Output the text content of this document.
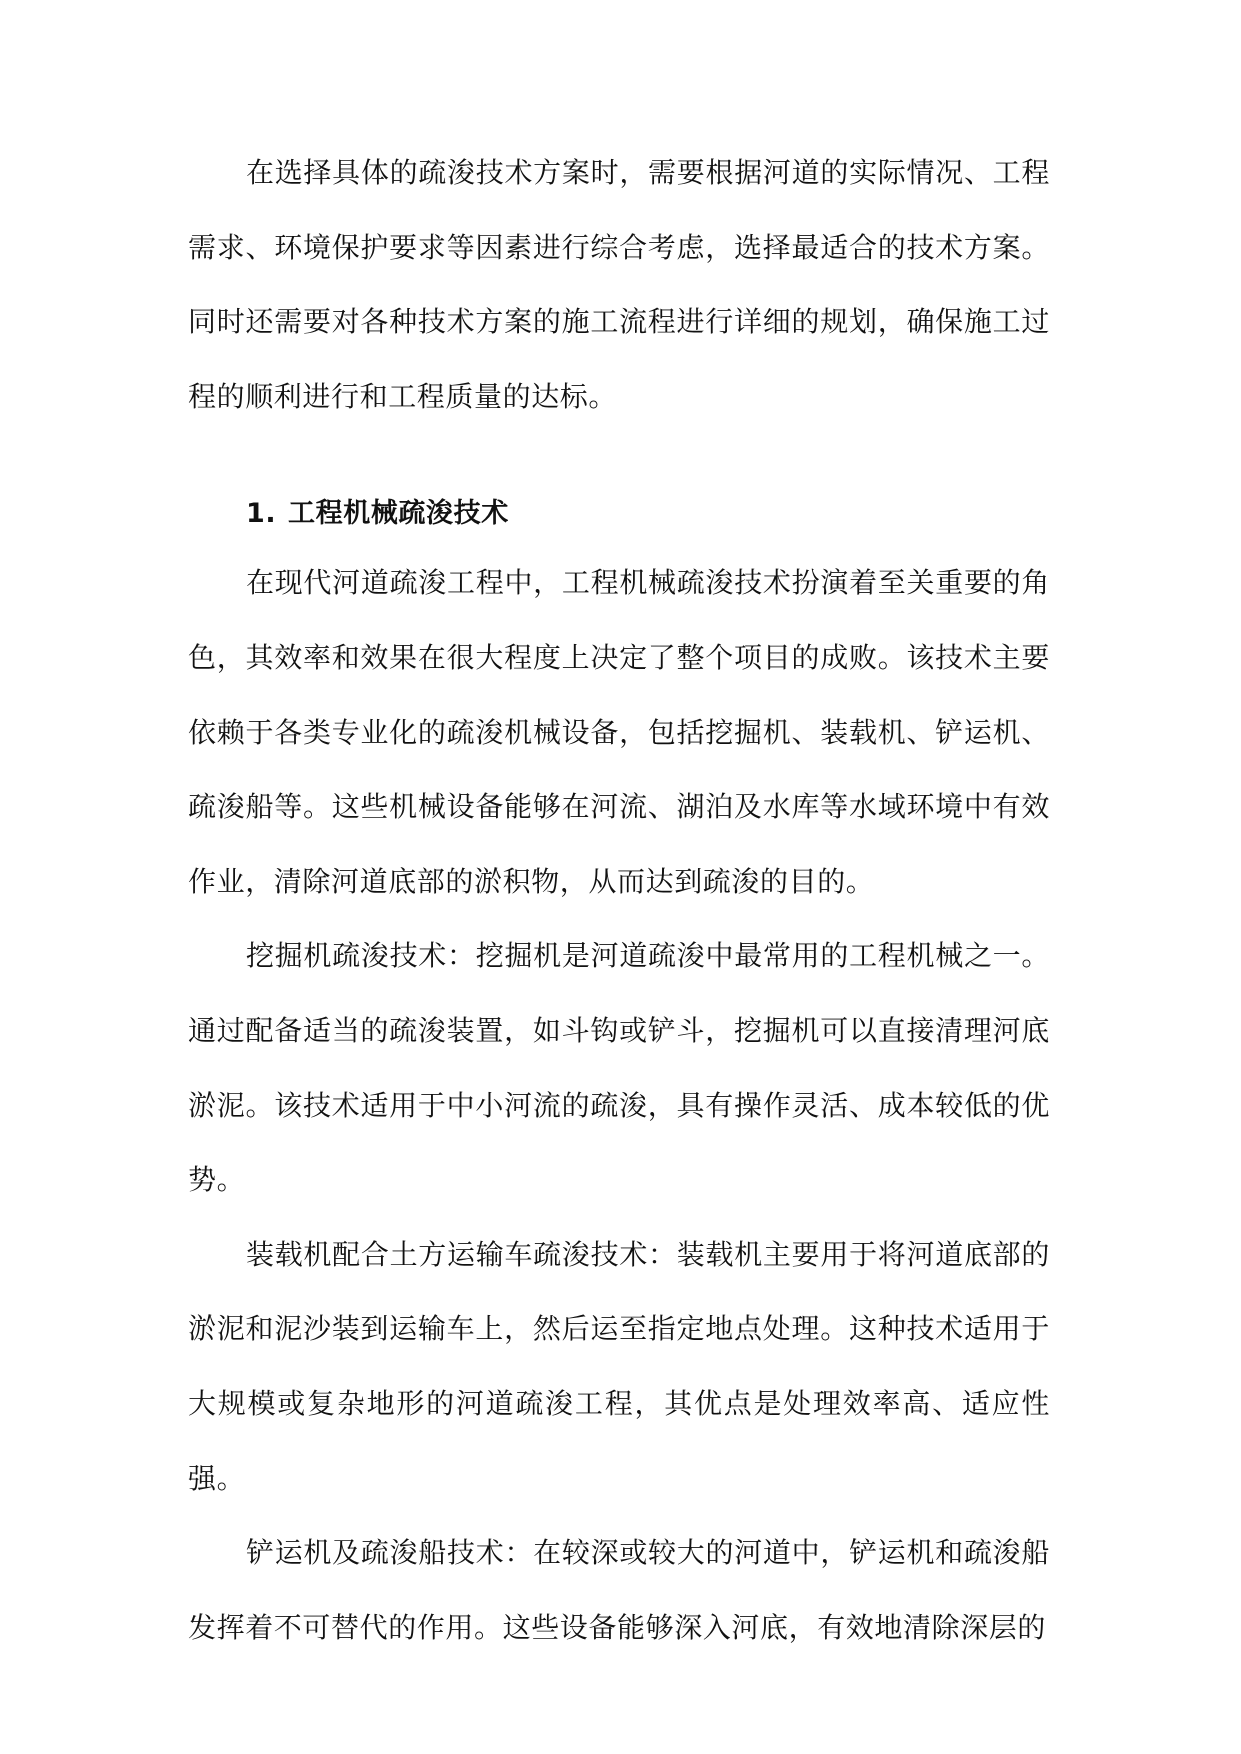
在选择具体的疏浚技术方案时，需要根据河道的实际情况、工程需求、环境保护要求等因素进行综合考虑，选择最适合的技术方案。同时还需要对各种技术方案的施工流程进行详细的规划，确保施工过程的顺利进行和工程质量的达标。

1. 工程机械疏浚技术

在现代河道疏浚工程中，工程机械疏浚技术扮演着至关重要的角色，其效率和效果在很大程度上决定了整个项目的成败。该技术主要依赖于各类专业化的疏浚机械设备，包括挖掘机、装载机、铲运机、疏浚船等。这些机械设备能够在河流、湖泊及水库等水域环境中有效作业，清除河道底部的淤积物，从而达到疏浚的目的。

挖掘机疏浚技术：挖掘机是河道疏浚中最常用的工程机械之一。通过配备适当的疏浚装置，如斗钩或铲斗，挖掘机可以直接清理河底淤泥。该技术适用于中小河流的疏浚，具有操作灵活、成本较低的优势。

装载机配合土方运输车疏浚技术：装载机主要用于将河道底部的淤泥和泥沙装到运输车上，然后运至指定地点处理。这种技术适用于大规模或复杂地形的河道疏浚工程，其优点是处理效率高、适应性强。

铲运机及疏浚船技术：在较深或较大的河道中，铲运机和疏浚船发挥着不可替代的作用。这些设备能够深入河底，有效地清除深层的
